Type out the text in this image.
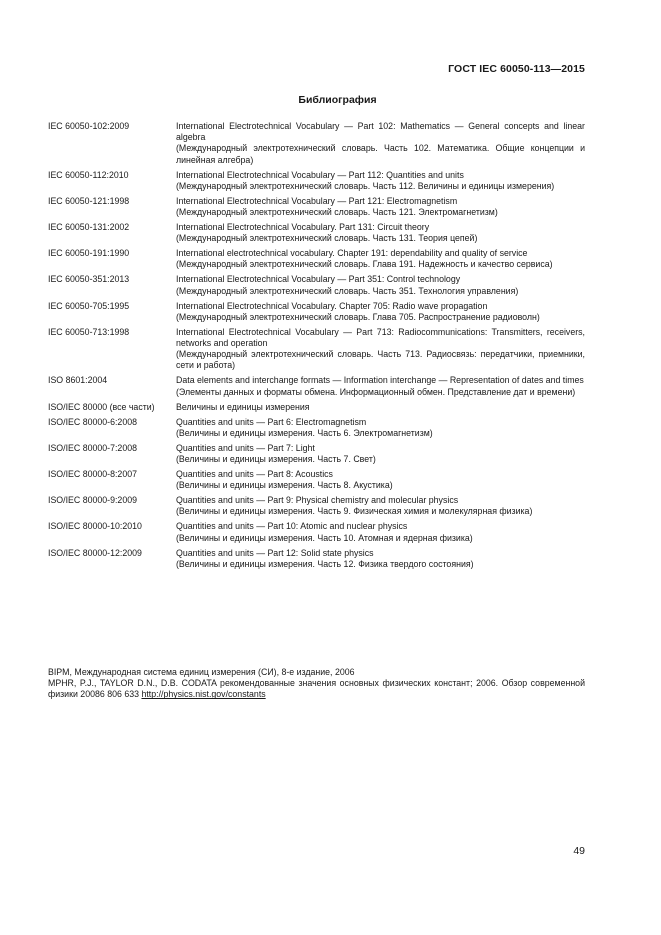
ГОСТ IEC 60050-113—2015
Библиография
IEC 60050-102:2009	International Electrotechnical Vocabulary — Part 102: Mathematics — General concepts and linear algebra
(Международный электротехнический словарь. Часть 102. Математика. Общие концепции и линейная алгебра)
IEC 60050-112:2010	International Electrotechnical Vocabulary — Part 112: Quantities and units
(Международный электротехнический словарь. Часть 112. Величины и единицы измерения)
IEC 60050-121:1998	International Electrotechnical Vocabulary — Part 121: Electromagnetism
(Международный электротехнический словарь. Часть 121. Электромагнетизм)
IEC 60050-131:2002	International Electrotechnical Vocabulary. Part 131: Circuit theory
(Международный электротехнический словарь. Часть 131. Теория цепей)
IEC 60050-191:1990	International electrotechnical vocabulary. Chapter 191: dependability and quality of service
(Международный электротехнический словарь. Глава 191. Надежность и качество сервиса)
IEC 60050-351:2013	International Electrotechnical Vocabulary — Part 351: Control technology
(Международный электротехнический словарь. Часть 351. Технология управления)
IEC 60050-705:1995	International Electrotechnical Vocabulary. Chapter 705: Radio wave propagation
(Международный электротехнический словарь. Глава 705. Распространение радиоволн)
IEC 60050-713:1998	International Electrotechnical Vocabulary — Part 713: Radiocommunications: Transmitters, receivers, networks and operation
(Международный электротехнический словарь. Часть 713. Радиосвязь: передатчики, приемники, сети и работа)
ISO 8601:2004	Data elements and interchange formats — Information interchange — Representation of dates and times
(Элементы данных и форматы обмена. Информационный обмен. Представление дат и времени)
ISO/IEC 80000 (все части)	Величины и единицы измерения
ISO/IEC 80000-6:2008	Quantities and units — Part 6: Electromagnetism
(Величины и единицы измерения. Часть 6. Электромагнетизм)
ISO/IEC 80000-7:2008	Quantities and units — Part 7: Light
(Величины и единицы измерения. Часть 7. Свет)
ISO/IEC 80000-8:2007	Quantities and units — Part 8: Acoustics
(Величины и единицы измерения. Часть 8. Акустика)
ISO/IEC 80000-9:2009	Quantities and units — Part 9: Physical chemistry and molecular physics
(Величины и единицы измерения. Часть 9. Физическая химия и молекулярная физика)
ISO/IEC 80000-10:2010	Quantities and units — Part 10: Atomic and nuclear physics
(Величины и единицы измерения. Часть 10. Атомная и ядерная физика)
ISO/IEC 80000-12:2009	Quantities and units — Part 12: Solid state physics
(Величины и единицы измерения. Часть 12. Физика твердого состояния)
BIPM, Международная система единиц измерения (СИ), 8-е издание, 2006
MPHR, P.J., TAYLOR D.N., D.B. CODATA рекомендованные значения основных физических констант; 2006. Обзор современной физики 20086 806 633 http://physics.nist.gov/constants
49
